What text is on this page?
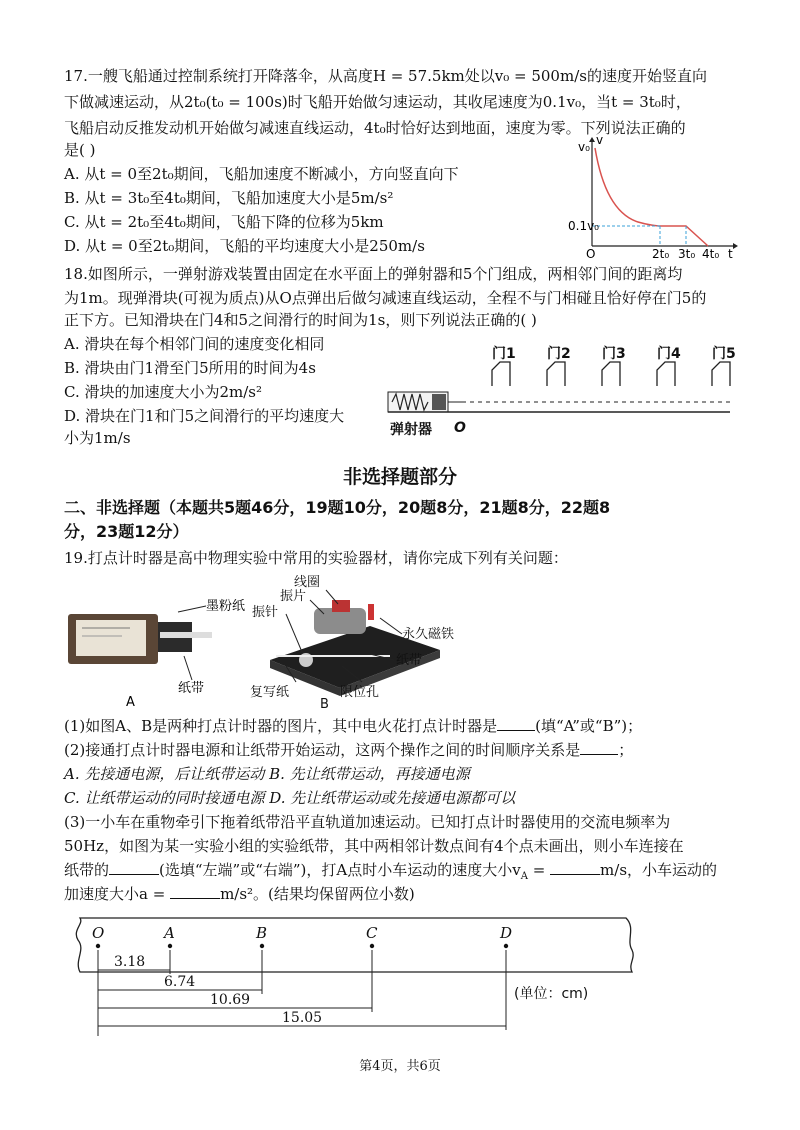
17.一艘飞船通过控制系统打开降落伞，从高度H = 57.5km处以v₀ = 500m/s的速度开始竖直向
下做减速运动，从2t₀(t₀ = 100s)时飞船开始做匀速运动，其收尾速度为0.1v₀，当t = 3t₀时，
飞船启动反推发动机开始做匀减速直线运动，4t₀时恰好达到地面，速度为零。下列说法正确的
是( )
A. 从t = 0至2t₀期间，飞船加速度不断减小，方向竖直向下
B. 从t = 3t₀至4t₀期间，飞船加速度大小是5m/s²
C. 从t = 2t₀至4t₀期间，飞船下降的位移为5km
D. 从t = 0至2t₀期间，飞船的平均速度大小是250m/s
v₀ v
0.1v₀
O	2t₀ 3t₀ 4t₀ t
18.如图所示，一弹射游戏装置由固定在水平面上的弹射器和5个门组成，两相邻门间的距离均
为1m。现弹滑块(可视为质点)从O点弹出后做匀减速直线运动，全程不与门相碰且恰好停在门5的
正下方。已知滑块在门4和5之间滑行的时间为1s，则下列说法正确的( )
A. 滑块在每个相邻门间的速度变化相同
B. 滑块由门1滑至门5所用的时间为4s
C. 滑块的加速度大小为2m/s²
D. 滑块在门1和门5之间滑行的平均速度大
小为1m/s
门1 门2 门3 门4 门5
弹射器 O
非选择题部分
二、非选择题（本题共5题46分，19题10分，20题8分，21题8分，22题8
分，23题12分）
19.打点计时器是高中物理实验中常用的实验器材，请你完成下列有关问题：
墨粉纸
纸带
A
线圈
振片
振针
永久磁铁
纸带
复写纸	限位孔
B
(1)如图A、B是两种打点计时器的图片，其中电火花打点计时器是	(填“A”或“B”)；
(2)接通打点计时器电源和让纸带开始运动，这两个操作之间的时间顺序关系是	；
A. 先接通电源，后让纸带运动 B. 先让纸带运动，再接通电源
C. 让纸带运动的同时接通电源 D. 先让纸带运动或先接通电源都可以
(3)一小车在重物牵引下拖着纸带沿平直轨道加速运动。已知打点计时器使用的交流电频率为
50Hz，如图为某一实验小组的实验纸带，其中两相邻计数点间有4个点未画出，则小车连接在
纸带的	(选填“左端”或“右端”)，打A点时小车运动的速度大小$v_A$ =	m/s，小车运动的
加速度大小a =	m/s²。(结果均保留两位小数)
O	A	B	C	D
3.18
6.74
10.69
15.05
(单位：cm)
第4页，共6页
